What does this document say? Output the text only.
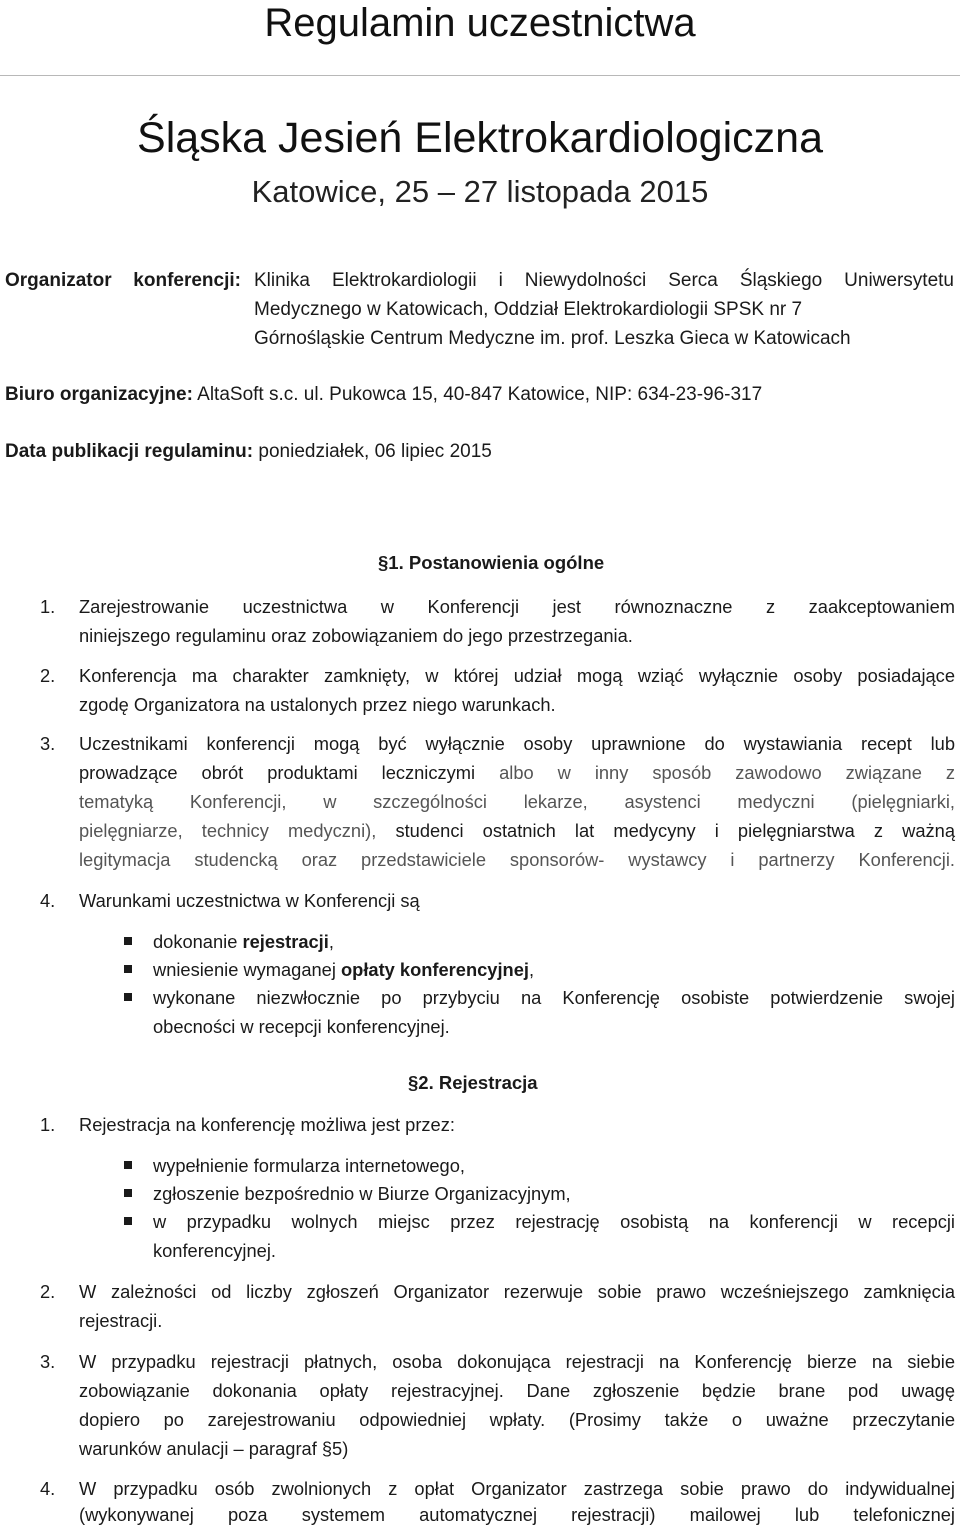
Regulamin uczestnictwa
Śląska Jesień Elektrokardiologiczna
Katowice, 25 – 27 listopada 2015
Organizator konferencji: Klinika Elektrokardiologii i Niewydolności Serca Śląskiego Uniwersytetu
Medycznego w Katowicach, Oddział Elektrokardiologii SPSK nr 7
Górnośląskie Centrum Medyczne im. prof. Leszka Gieca w Katowicach
Biuro organizacyjne: AltaSoft s.c. ul. Pukowca 15, 40-847 Katowice, NIP: 634-23-96-317
Data publikacji regulaminu: poniedziałek, 06 lipiec 2015
§1. Postanowienia ogólne
1. Zarejestrowanie uczestnictwa w Konferencji jest równoznaczne z zaakceptowaniem
niniejszego regulaminu oraz zobowiązaniem do jego przestrzegania.
2. Konferencja ma charakter zamknięty, w której udział mogą wziąć wyłącznie osoby posiadające
zgodę Organizatora na ustalonych przez niego warunkach.
3. Uczestnikami konferencji mogą być wyłącznie osoby uprawnione do wystawiania recept lub
prowadzące obrót produktami leczniczymi albo w inny sposób zawodowo związane z
tematyką Konferencji, w szczególności lekarze, asystenci medyczni (pielęgniarki,
pielęgniarze, technicy medyczni), studenci ostatnich lat medycyny i pielęgniarstwa z ważną
legitymacja studencką oraz przedstawiciele sponsorów- wystawcy i partnerzy Konferencji.
4. Warunkami uczestnictwa w Konferencji są
dokonanie rejestracji,
wniesienie wymaganej opłaty konferencyjnej,
wykonane niezwłocznie po przybyciu na Konferencję osobiste potwierdzenie swojej
obecności w recepcji konferencyjnej.
§2. Rejestracja
1. Rejestracja na konferencję możliwa jest przez:
wypełnienie formularza internetowego,
zgłoszenie bezpośrednio w Biurze Organizacyjnym,
w przypadku wolnych miejsc przez rejestrację osobistą na konferencji w recepcji
konferencyjnej.
2. W zależności od liczby zgłoszeń Organizator rezerwuje sobie prawo wcześniejszego zamknięcia
rejestracji.
3. W przypadku rejestracji płatnych, osoba dokonująca rejestracji na Konferencję bierze na siebie
zobowiązanie dokonania opłaty rejestracyjnej. Dane zgłoszenie będzie brane pod uwagę
dopiero po zarejestrowaniu odpowiedniej wpłaty. (Prosimy także o uważne przeczytanie
warunków anulacji – paragraf §5)
4. W przypadku osób zwolnionych z opłat Organizator zastrzega sobie prawo do indywidualnej
(wykonywanej poza systemem automatycznej rejestracji) mailowej lub telefonicznej
